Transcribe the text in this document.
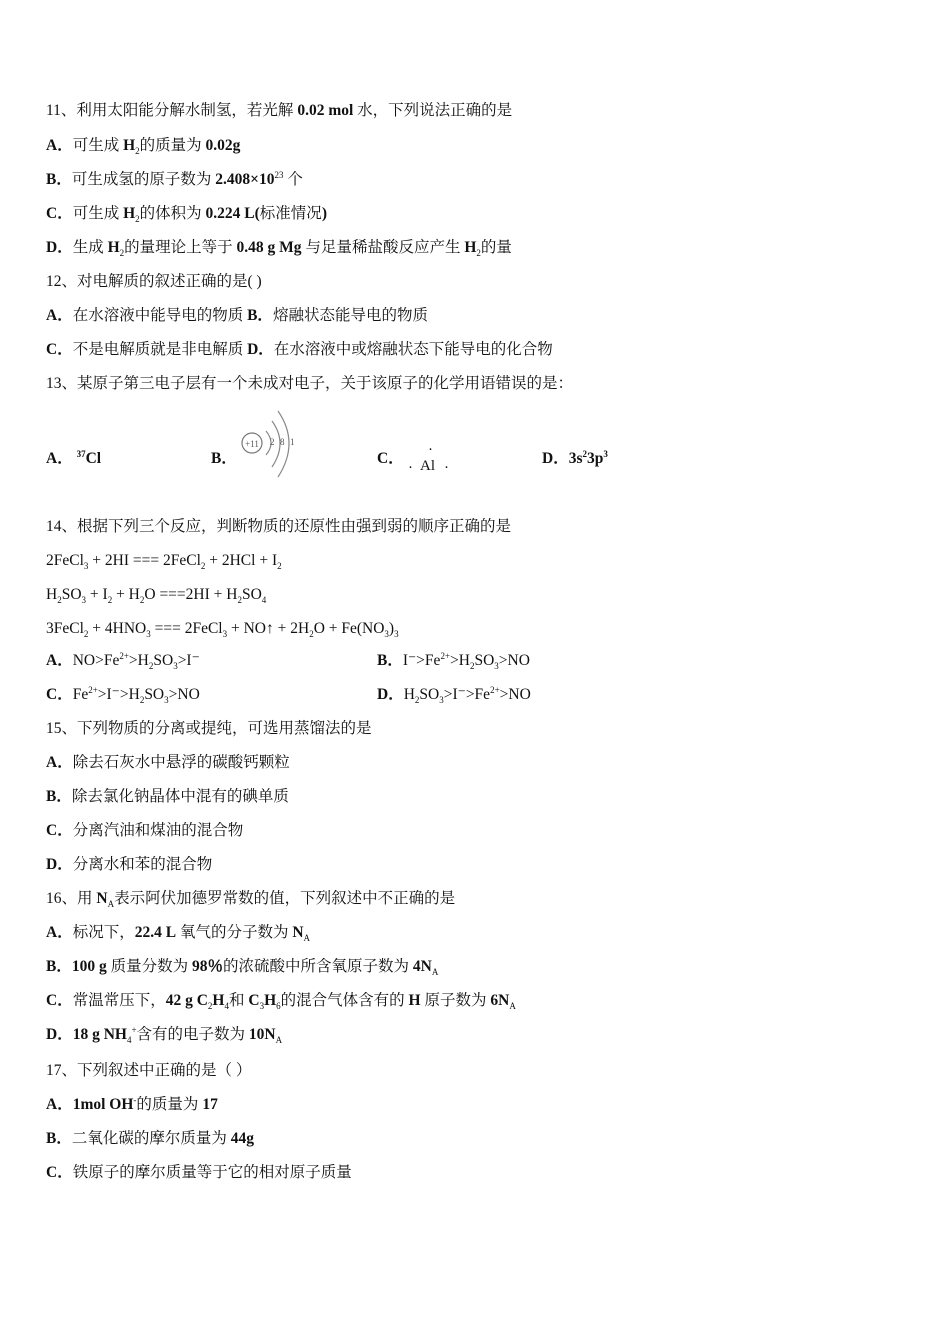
11、利用太阳能分解水制氢，若光解 0.02 mol 水，下列说法正确的是
A．可生成 $H_2$的质量为 0.02g
B．可生成氢的原子数为 $2.408\times 10^{23}$ 个
C．可生成 $H_2$的体积为 0.224 L(标准情况)
D．生成 $H_2$的量理论上等于 0.48 g Mg 与足量稀盐酸反应产生 $H_2$的量
12、对电解质的叙述正确的是( )
A．在水溶液中能导电的物质 B．熔融状态能导电的物质
C．不是电解质就是非电解质 D．在水溶液中或熔融状态下能导电的化合物
13、某原子第三电子层有一个未成对电子，关于该原子的化学用语错误的是：
14、根据下列三个反应，判断物质的还原性由强到弱的顺序正确的是
2FeCl$_3$ + 2HI === 2FeCl$_2$ + $2HCl + I_2$
$H_2SO_3 + I_2 + H_2O ===2HI + H_2SO_4$
3FeCl$_2$ + $4HNO_3$ === 2FeCl$_3$ + NO↑ + $2H_2O + Fe(NO_3)_3$
A．$NO>Fe^{2+}>H_2SO_3>I^-$	B．$I^->Fe^{2+}>H_2SO_3>NO$
C．$Fe^{2+}>I^->H_2SO_3>NO$	D．$H_2SO_3>I^->Fe^{2+}>NO$
15、下列物质的分离或提纯，可选用蒸馏法的是
A．除去石灰水中悬浮的碳酸钙颗粒
B．除去氯化钠晶体中混有的碘单质
C．分离汽油和煤油的混合物
D．分离水和苯的混合物
16、用 $N_A$表示阿伏加德罗常数的值，下列叙述中不正确的是
A．标况下，22.4 L 氧气的分子数为 $N_A$
B．100 g 质量分数为 98％的浓硫酸中所含氧原子数为 $4N_A$
C．常温常压下，42 g $C_2H_4$和 $C_3H_6$的混合气体含有的 H 原子数为 $6N_A$
D．18 g $NH_4^+$含有的电子数为 $10N_A$
17、下列叙述中正确的是（ ）
A．1mol OH-的质量为 17
B．二氧化碳的摩尔质量为 44g
C．铁原子的摩尔质量等于它的相对原子质量
A． $^{37}$Cl	B．
+11 2 8 1
C． ·
· Al ·
D．$3s^23p^3$
